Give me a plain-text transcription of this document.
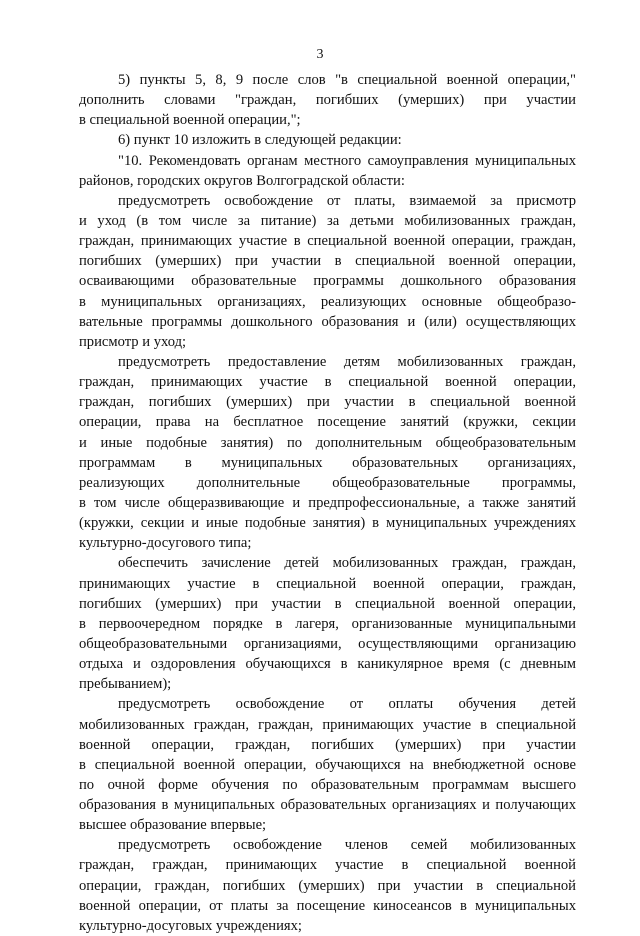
3
5) пункты 5, 8, 9 после слов "в специальной военной операции,"
дополнить словами "граждан, погибших (умерших) при участии
в специальной военной операции,";
6) пункт 10 изложить в следующей редакции:
"10. Рекомендовать органам местного самоуправления муниципальных
районов, городских округов Волгоградской области:
предусмотреть освобождение от платы, взимаемой за присмотр
и уход (в том числе за питание) за детьми мобилизованных граждан,
граждан, принимающих участие в специальной военной операции, граждан,
погибших (умерших) при участии в специальной военной операции,
осваивающими образовательные программы дошкольного образования
в муниципальных организациях, реализующих основные общеобразо-
вательные программы дошкольного образования и (или) осуществляющих
присмотр и уход;
предусмотреть предоставление детям мобилизованных граждан,
граждан, принимающих участие в специальной военной операции,
граждан, погибших (умерших) при участии в специальной военной
операции, права на бесплатное посещение занятий (кружки, секции
и иные подобные занятия) по дополнительным общеобразовательным
программам в муниципальных образовательных организациях,
реализующих дополнительные общеобразовательные программы,
в том числе общеразвивающие и предпрофессиональные, а также занятий
(кружки, секции и иные подобные занятия) в муниципальных учреждениях
культурно-досугового типа;
обеспечить зачисление детей мобилизованных граждан, граждан,
принимающих участие в специальной военной операции, граждан,
погибших (умерших) при участии в специальной военной операции,
в первоочередном порядке в лагеря, организованные муниципальными
общеобразовательными организациями, осуществляющими организацию
отдыха и оздоровления обучающихся в каникулярное время (с дневным
пребыванием);
предусмотреть освобождение от оплаты обучения детей
мобилизованных граждан, граждан, принимающих участие в специальной
военной операции, граждан, погибших (умерших) при участии
в специальной военной операции, обучающихся на внебюджетной основе
по очной форме обучения по образовательным программам высшего
образования в муниципальных образовательных организациях и получающих
высшее образование впервые;
предусмотреть освобождение членов семей мобилизованных
граждан, граждан, принимающих участие в специальной военной
операции, граждан, погибших (умерших) при участии в специальной
военной операции, от платы за посещение киносеансов в муниципальных
культурно-досуговых учреждениях;
